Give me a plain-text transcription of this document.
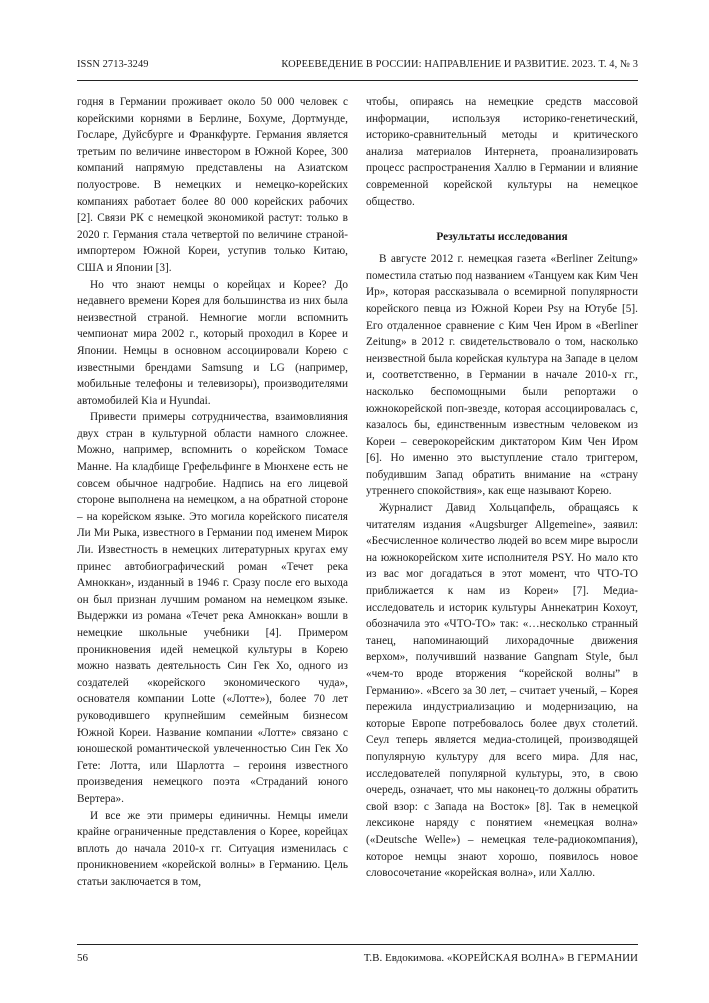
ISSN 2713-3249	КОРЕЕВЕДЕНИЕ В РОССИИ: НАПРАВЛЕНИЕ И РАЗВИТИЕ. 2023. Т. 4, № 3

годня в Германии проживает около 50 000 человек с корейскими корнями в Берлине, Бохуме, Дортмунде, Госларе, Дуйсбурге и Франкфурте. Германия является третьим по величине инвестором в Южной Корее, 300 компаний напрямую представлены на Азиатском полуострове. В немецких и немецко-корейских компаниях работает более 80 000 корейских рабочих [2]. Связи РК с немецкой экономикой растут: только в 2020 г. Германия стала четвертой по величине страной-импортером Южной Кореи, уступив только Китаю, США и Японии [3].

Но что знают немцы о корейцах и Корее? До недавнего времени Корея для большинства из них была неизвестной страной. Немногие могли вспомнить чемпионат мира 2002 г., который проходил в Корее и Японии. Немцы в основном ассоциировали Корею с известными брендами Samsung и LG (например, мобильные телефоны и телевизоры), производителями автомобилей Kia и Hyundai.

Привести примеры сотрудничества, взаимовлияния двух стран в культурной области намного сложнее. Можно, например, вспомнить о корейском Томасе Манне. На кладбище Грефельфинге в Мюнхене есть не совсем обычное надгробие. Надпись на его лицевой стороне выполнена на немецком, а на обратной стороне – на корейском языке. Это могила корейского писателя Ли Ми Рыка, известного в Германии под именем Мирок Ли. Известность в немецких литературных кругах ему принес автобиографический роман «Течет река Амноккан», изданный в 1946 г. Сразу после его выхода он был признан лучшим романом на немецком языке. Выдержки из романа «Течет река Амноккан» вошли в немецкие школьные учебники [4]. Примером проникновения идей немецкой культуры в Корею можно назвать деятельность Син Гек Хо, одного из создателей «корейского экономического чуда», основателя компании Lotte («Лотте»), более 70 лет руководившего крупнейшим семейным бизнесом Южной Кореи. Название компании «Лотте» связано с юношеской романтической увлеченностью Син Гек Хо Гете: Лотта, или Шарлотта – героиня известного произведения немецкого поэта «Страданий юного Вертера».

И все же эти примеры единичны. Немцы имели крайне ограниченные представления о Корее, корейцах вплоть до начала 2010-х гг. Ситуация изменилась с проникновением «корейской волны» в Германию. Цель статьи заключается в том,

чтобы, опираясь на немецкие средств массовой информации, используя историко-генетический, историко-сравнительный методы и критического анализа материалов Интернета, проанализировать процесс распространения Халлю в Германии и влияние современной корейской культуры на немецкое общество.

Результаты исследования

В августе 2012 г. немецкая газета «Berliner Zeitung» поместила статью под названием «Танцуем как Ким Чен Ир», которая рассказывала о всемирной популярности корейского певца из Южной Кореи Psy на Ютубе [5]. Его отдаленное сравнение с Ким Чен Иром в «Berliner Zeitung» в 2012 г. свидетельствовало о том, насколько неизвестной была корейская культура на Западе в целом и, соответственно, в Германии в начале 2010-х гг., насколько беспомощными были репортажи о южнокорейской поп-звезде, которая ассоциировалась с, казалось бы, единственным известным человеком из Кореи – северокорейским диктатором Ким Чен Иром [6]. Но именно это выступление стало триггером, побудившим Запад обратить внимание на «страну утреннего спокойствия», как еще называют Корею.

Журналист Давид Хольцапфель, обращаясь к читателям издания «Augsburger Allgemeine», заявил: «Бесчисленное количество людей во всем мире выросли на южнокорейском хите исполнителя PSY. Но мало кто из вас мог догадаться в этот момент, что ЧТО-ТО приближается к нам из Кореи» [7]. Медиа-исследователь и историк культуры Аннекатрин Кохоут, обозначила это «ЧТО-ТО» так: «…несколько странный танец, напоминающий лихорадочные движения верхом», получивший название Gangnam Style, был «чем-то вроде вторжения “корейской волны” в Германию». «Всего за 30 лет, – считает ученый, – Корея пережила индустриализацию и модернизацию, на которые Европе потребовалось более двух столетий. Сеул теперь является медиа-столицей, производящей популярную культуру для всего мира. Для нас, исследователей популярной культуры, это, в свою очередь, означает, что мы наконец-то должны обратить свой взор: с Запада на Восток» [8]. Так в немецкой лексиконе наряду с понятием «немецкая волна» («Deutsche Welle») – немецкая теле-радиокомпания), которое немцы знают хорошо, появилось новое словосочетание «корейская волна», или Халлю.

56	Т.В. Евдокимова. «КОРЕЙСКАЯ ВОЛНА» В ГЕРМАНИИ
